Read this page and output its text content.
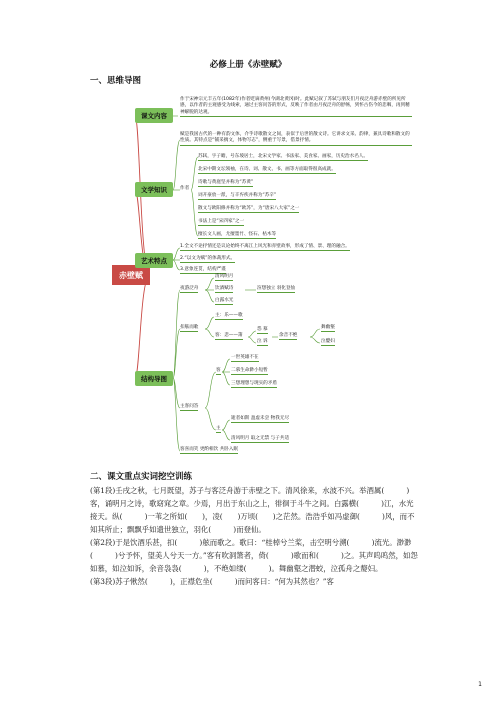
必修上册《赤壁赋》
一、思维导图
赤壁赋
课文内容
文学知识
艺术特点
结构导图
作于宋神宗元丰五年(1082年)作者贬谪黄州(今湖北黄冈)时。此赋记叙了苏轼与朋友们月夜泛舟游赤壁的所见所感，以作者的主观感受为线索，通过主客问答的形式，反映了作者由月夜泛舟的舒畅，到怀古伤今的悲咽，再到精神解脱的达观。
赋是我国古代的一种有韵文体，介乎诗歌散文之间，表似于后世的散文诗。它讲求文采、韵律，兼具诗歌和散文的性质。其特点是“铺采摛文，体物写志”，侧重于写景，借景抒情。
作者
苏轼，字子瞻，号东坡居士，北宋文学家、书法家、美食家、画家，历史治水名人。
北宋中期文坛领袖，在诗、词、散文、书、画等方面取得很高成就。
诗歌与黄庭坚并称为“苏黄”
词开豪放一派，与辛弃疾并称为“苏辛”
散文与欧阳修并称为“欧苏”，为“唐宋八大家”之一
书法上是“宋四家”之一
擅长文人画，尤擅墨竹、怪石、枯木等
1.全文不论抒情还是议论始终不离江上风光和赤壁故事，形成了情、景、理的融合。
2.“以文为赋”的体裁形式。
3.意象连贯，结构严谨
夜游泛舟
清风明月
饮酒赋诗
白露水光
渲想独立 羽化登仙
扣舷而歌
主：乐——歌
客：悲——箫
怨 慕
泣 诉
余音不绝
舞幽壑
泣嫠妇
主客问答
客
一世英雄不在
二慕生命渺小短暂
三想理想与现实的矛盾
主
逝者如斯 盈虚未尝 物我无尽
清风明月 取之无禁 与子共适
客喜而笑 更酌相饮 共卧入眠
二、课文重点实词挖空训练

(第1段)壬戌之秋，七月既望，苏子与客泛舟游于赤壁之下。清风徐来，水波不兴。举酒属(　　　)客，诵明月之诗，歌窈窕之章。少焉，月出于东山之上，徘徊于斗牛之间。白露横(　　　)江，水光接天。纵(　　　)一苇之所如(　　)，凌(　　)万顷(　　)之茫然。浩浩乎如冯虚御(　　　)风，而不知其所止；飘飘乎如遗世独立，羽化(　　　)而登仙。

(第2段)于是饮酒乐甚，扣(　　　)舷而歌之。歌曰：“桂棹兮兰桨，击空明兮溯(　　　)流光。渺渺(　　　)兮予怀，望美人兮天一方。”客有吹洞箫者，倚(　　　)歌而和(　　　)之。其声呜呜然，如怨如慕，如泣如诉，余音袅袅(　　　)，不绝如缕(　　　)。舞幽壑之潜蛟，泣孤舟之嫠妇。

(第3段)苏子愀然(　　　)，正襟危坐(　　　)而问客曰：“何为其然也？”客

1
